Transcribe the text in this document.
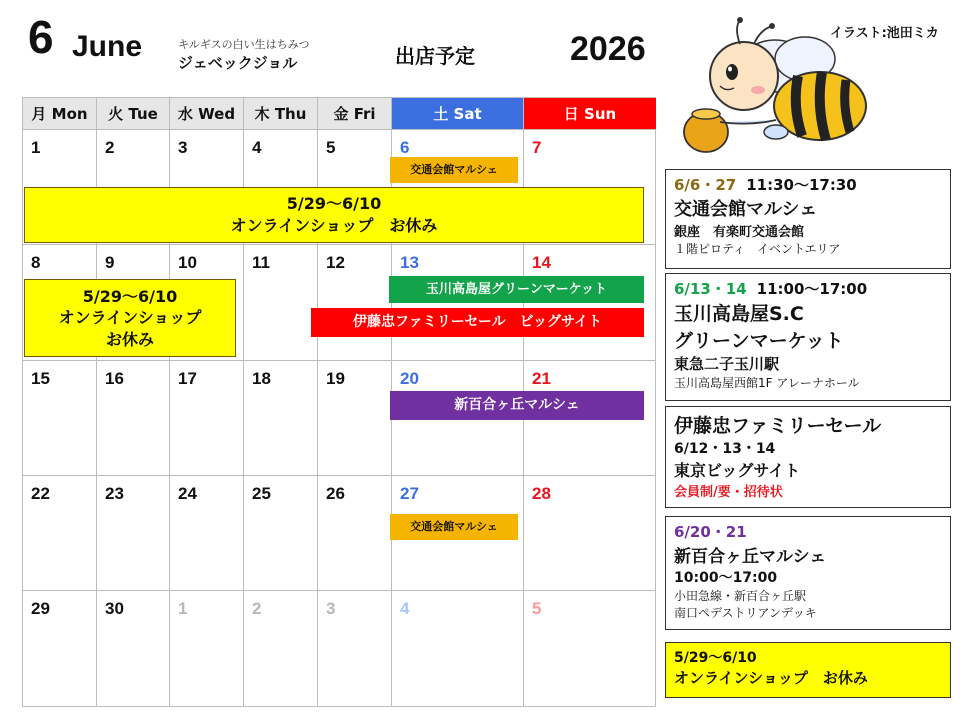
6 June	キルギスの白い生はちみつ
ジェベックジョル	出店予定	2026	イラスト:池田ミカ
月 Mon	火 Tue	水 Wed	木 Thu	金 Fri	土 Sat	日 Sun
1	2	3	4	5	6	7
8	9	10	11	12	13	14
15	16	17	18	19	20	21
22	23	24	25	26	27	28
29	30	1	2	3	4	5
交通会館マルシェ
5/29〜6/10
オンラインショップ　お休み
5/29〜6/10
オンラインショップ
お休み
玉川高島屋グリーンマーケット
伊藤忠ファミリーセール　ビッグサイト
新百合ヶ丘マルシェ
交通会館マルシェ
6/6・27 11:30〜17:30
交通会館マルシェ
銀座　有楽町交通会館
１階ピロティ　イベントエリア
6/13・14 11:00〜17:00
玉川高島屋S.C
グリーンマーケット
東急二子玉川駅
玉川高島屋西館1F アレーナホール
伊藤忠ファミリーセール
6/12・13・14
東京ビッグサイト
会員制/要・招待状
6/20・21
新百合ヶ丘マルシェ
10:00〜17:00
小田急線・新百合ヶ丘駅
南口ペデストリアンデッキ
5/29〜6/10
オンラインショップ　お休み
